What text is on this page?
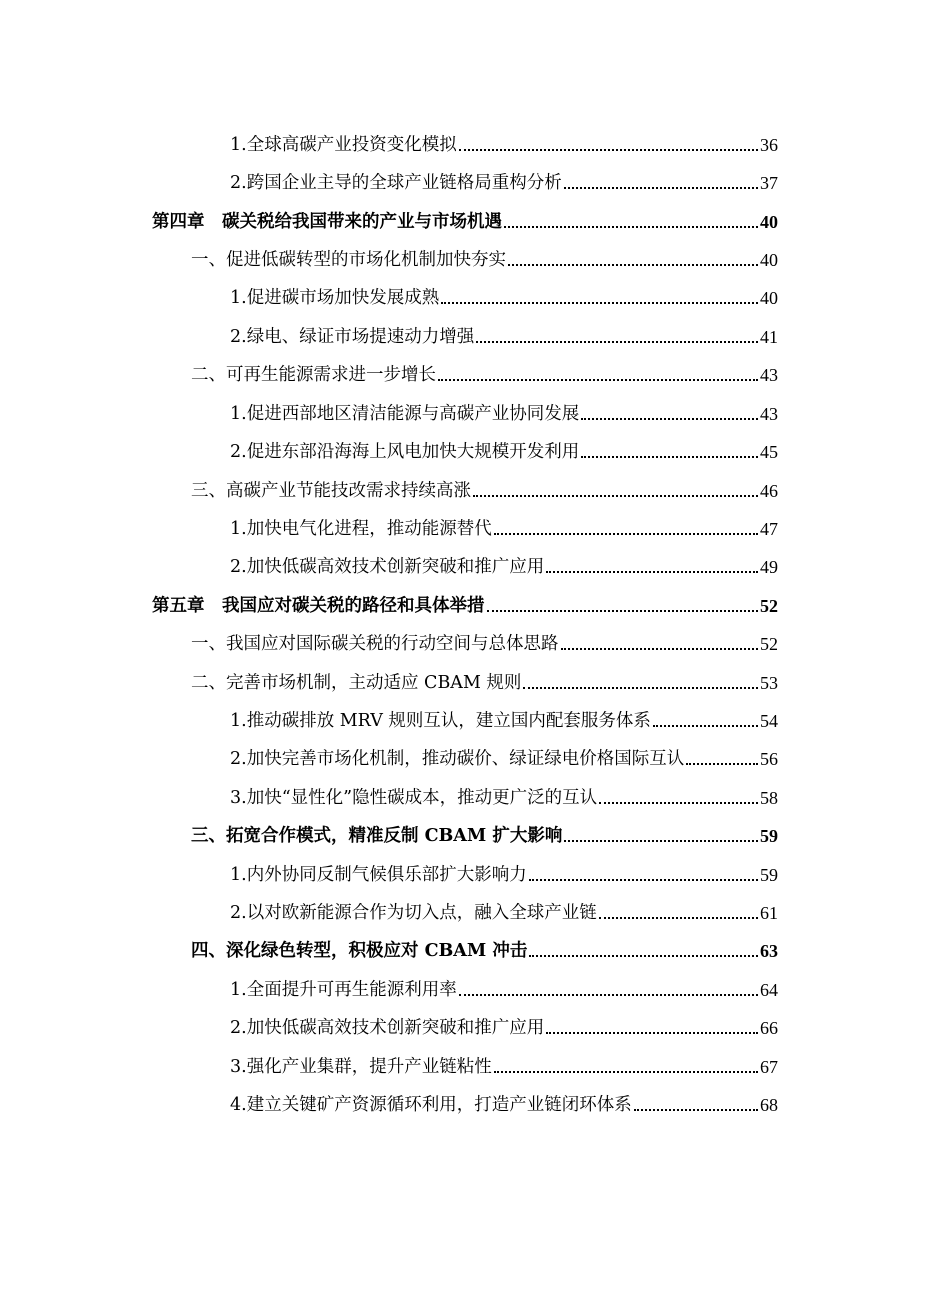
1.全球高碳产业投资变化模拟	36
2.跨国企业主导的全球产业链格局重构分析	37
第四章　碳关税给我国带来的产业与市场机遇	40
一、促进低碳转型的市场化机制加快夯实	40
1.促进碳市场加快发展成熟	40
2.绿电、绿证市场提速动力增强	41
二、可再生能源需求进一步增长	43
1.促进西部地区清洁能源与高碳产业协同发展	43
2.促进东部沿海海上风电加快大规模开发利用	45
三、高碳产业节能技改需求持续高涨	46
1.加快电气化进程，推动能源替代	47
2.加快低碳高效技术创新突破和推广应用	49
第五章　我国应对碳关税的路径和具体举措	52
一、我国应对国际碳关税的行动空间与总体思路	52
二、完善市场机制，主动适应 CBAM 规则	53
1.推动碳排放 MRV 规则互认，建立国内配套服务体系	54
2.加快完善市场化机制，推动碳价、绿证绿电价格国际互认	56
3.加快“显性化”隐性碳成本，推动更广泛的互认	58
三、拓宽合作模式，精准反制 CBAM 扩大影响	59
1.内外协同反制气候俱乐部扩大影响力	59
2.以对欧新能源合作为切入点，融入全球产业链	61
四、深化绿色转型，积极应对 CBAM 冲击	63
1.全面提升可再生能源利用率	64
2.加快低碳高效技术创新突破和推广应用	66
3.强化产业集群，提升产业链粘性	67
4.建立关键矿产资源循环利用，打造产业链闭环体系	68
